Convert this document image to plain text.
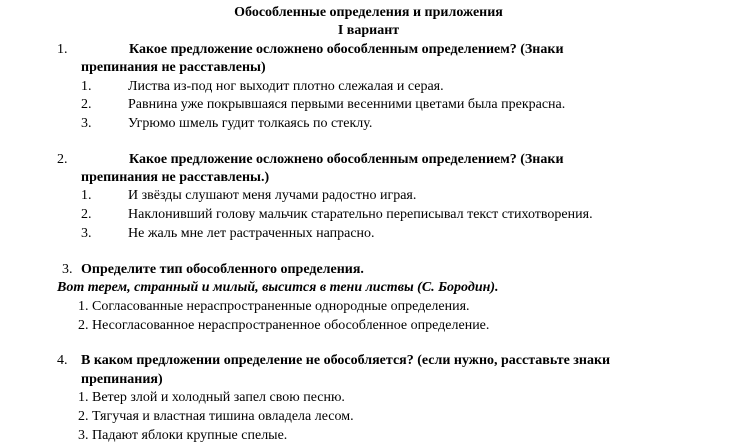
Обособленные определения и приложения
I вариант
1.	Какое предложение осложнено обособленным определением? (Знаки
препинания не расставлены)
1.	Листва из-под ног выходит плотно слежалая и серая.
2.	Равнина уже покрывшаяся первыми весенними цветами была прекрасна.
3.	Угрюмо шмель гудит толкаясь по стеклу.
2.	Какое предложение осложнено обособленным определением? (Знаки
препинания не расставлены.)
1.	И звёзды слушают меня лучами радостно играя.
2.	Наклонивший голову мальчик старательно переписывал текст стихотворения.
3.	Не жаль мне лет растраченных напрасно.
3. Определите тип обособленного определения.
Вот терем, странный и милый, высится в тени листвы (С. Бородин).
1. Согласованные нераспространенные однородные определения.
2. Несогласованное нераспространенное обособленное определение.
4. В каком предложении определение не обособляется? (если нужно, расставьте знаки
препинания)
1. Ветер злой и холодный запел свою песню.
2. Тягучая и властная тишина овладела лесом.
3. Падают яблоки крупные спелые.
